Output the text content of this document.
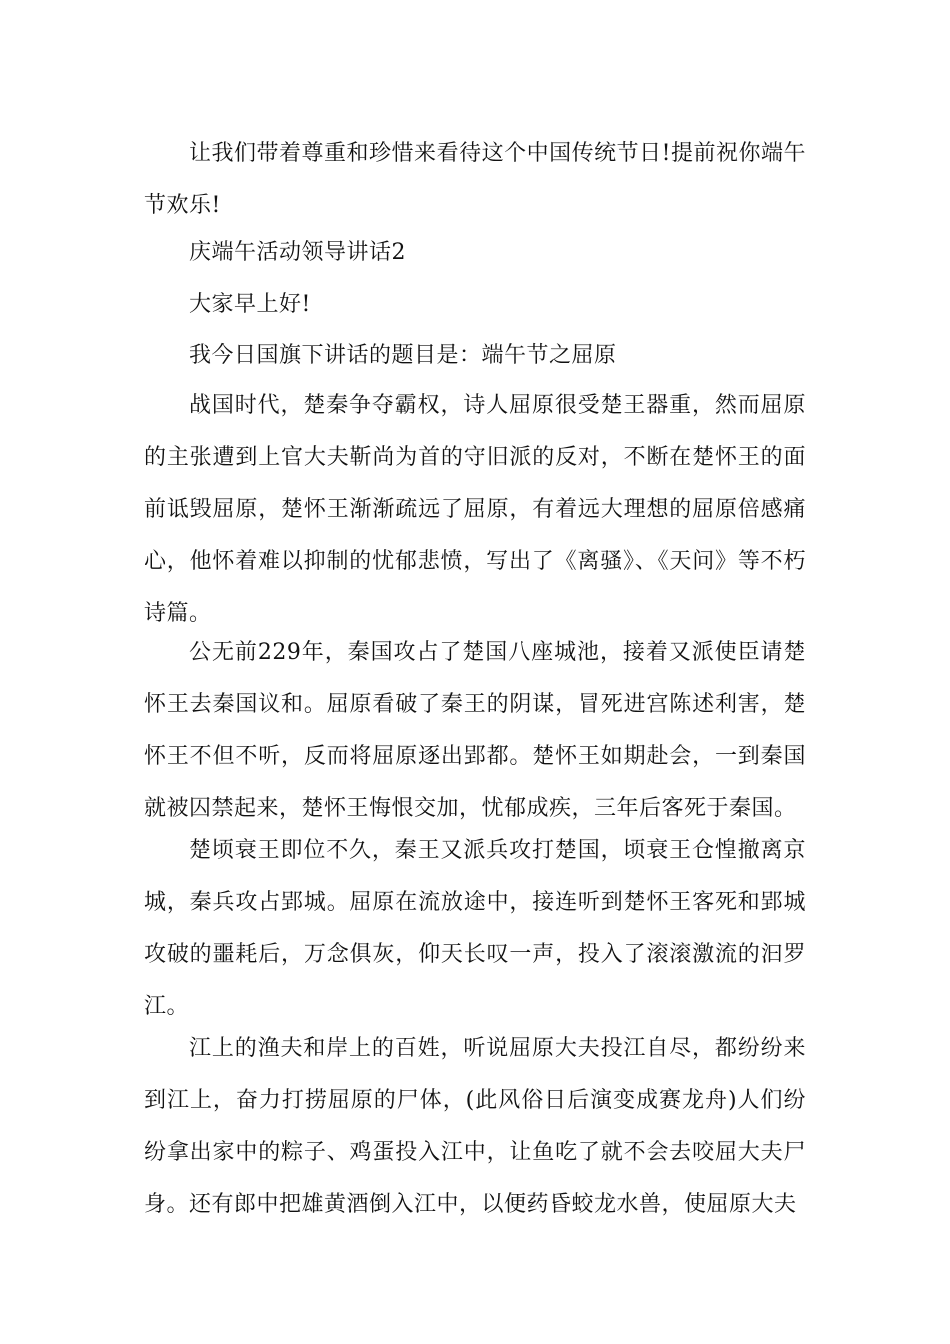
让我们带着尊重和珍惜来看待这个中国传统节日!提前祝你端午节欢乐!

庆端午活动领导讲话2

大家早上好!

我今日国旗下讲话的题目是：端午节之屈原

战国时代，楚秦争夺霸权，诗人屈原很受楚王器重，然而屈原的主张遭到上官大夫靳尚为首的守旧派的反对，不断在楚怀王的面前诋毁屈原，楚怀王渐渐疏远了屈原，有着远大理想的屈原倍感痛心，他怀着难以抑制的忧郁悲愤，写出了《离骚》、《天问》等不朽诗篇。

公无前229年，秦国攻占了楚国八座城池，接着又派使臣请楚怀王去秦国议和。屈原看破了秦王的阴谋，冒死进宫陈述利害，楚怀王不但不听，反而将屈原逐出郢都。楚怀王如期赴会，一到秦国就被囚禁起来，楚怀王悔恨交加，忧郁成疾，三年后客死于秦国。

楚顷衰王即位不久，秦王又派兵攻打楚国，顷衰王仓惶撤离京城，秦兵攻占郢城。屈原在流放途中，接连听到楚怀王客死和郢城攻破的噩耗后，万念俱灰，仰天长叹一声，投入了滚滚激流的汩罗江。

江上的渔夫和岸上的百姓，听说屈原大夫投江自尽，都纷纷来到江上，奋力打捞屈原的尸体，(此风俗日后演变成赛龙舟)人们纷纷拿出家中的粽子、鸡蛋投入江中，让鱼吃了就不会去咬屈大夫尸身。还有郎中把雄黄酒倒入江中，以便药昏蛟龙水兽，使屈原大夫
